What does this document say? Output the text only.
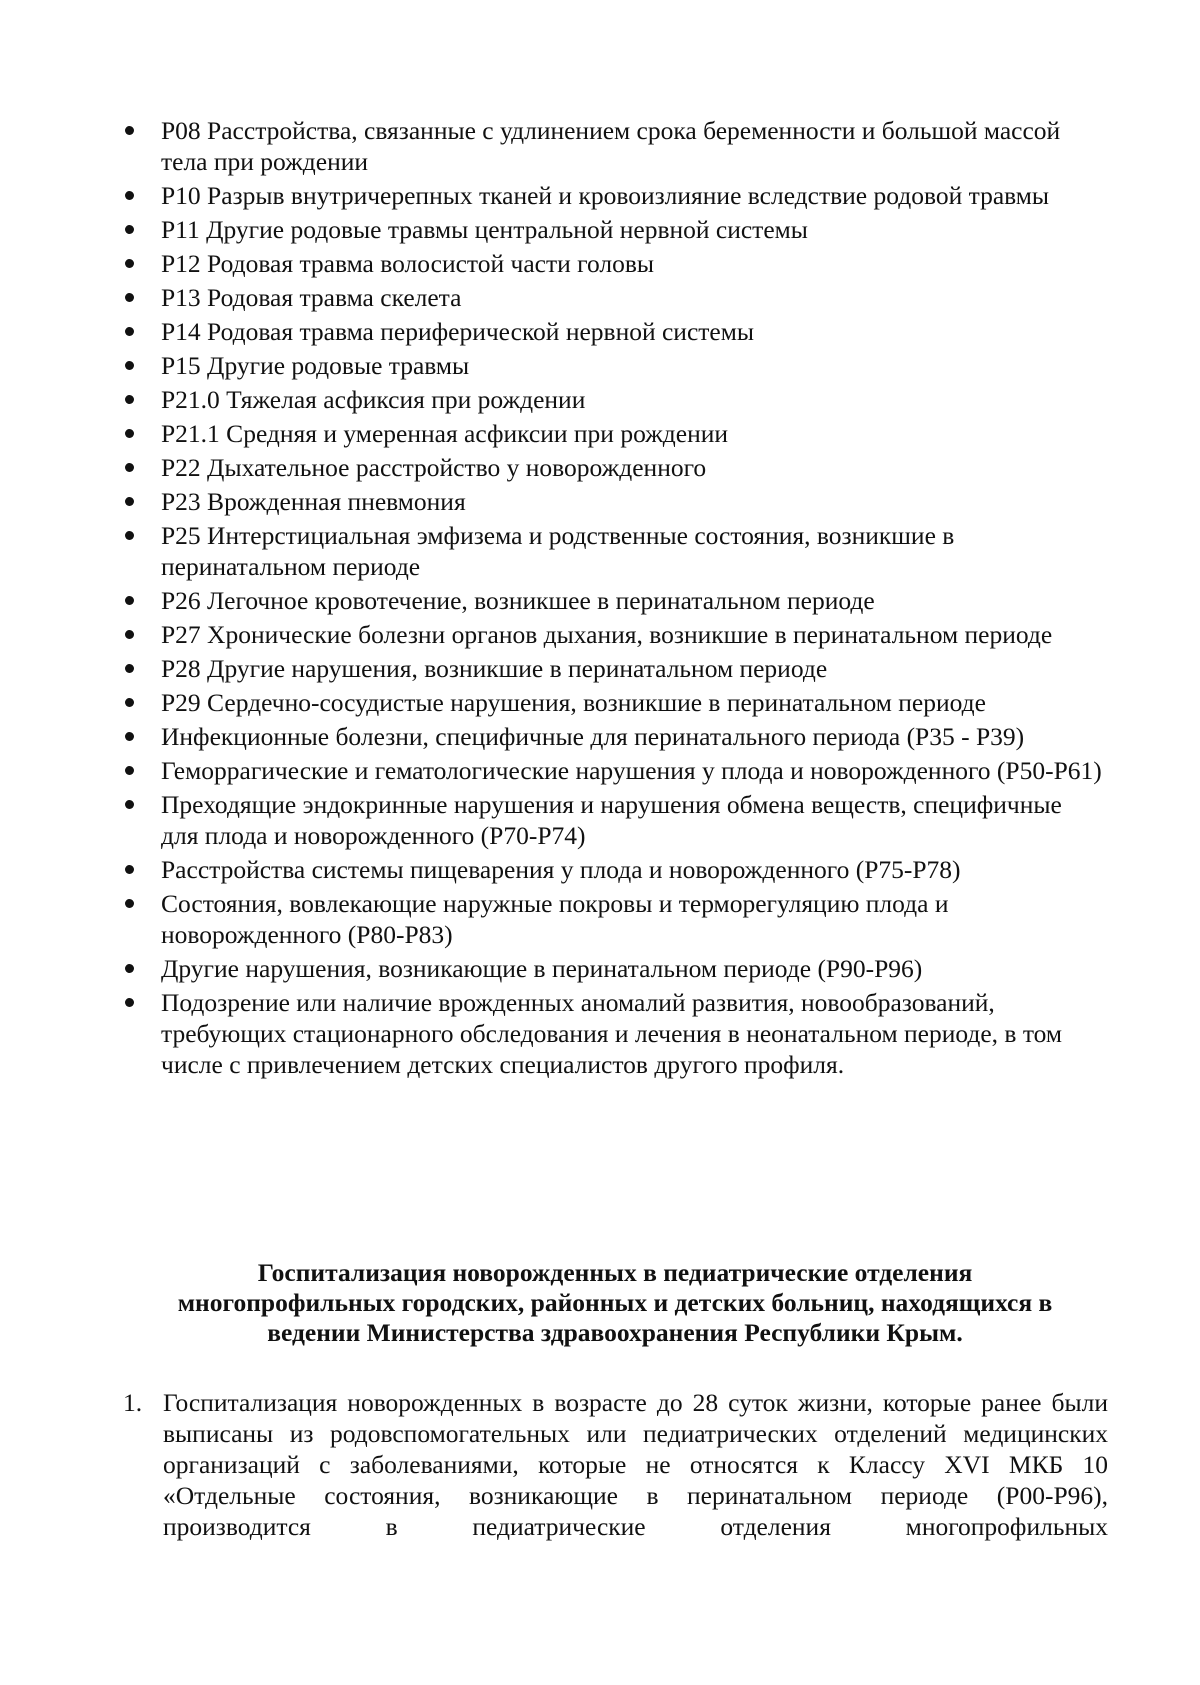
P08 Расстройства, связанные с удлинением срока беременности и большой массой тела при рождении
P10 Разрыв внутричерепных тканей и кровоизлияние вследствие родовой травмы
P11 Другие родовые травмы центральной нервной системы
P12 Родовая травма волосистой части головы
P13 Родовая травма скелета
P14 Родовая травма периферической нервной системы
P15 Другие родовые травмы
P21.0 Тяжелая асфиксия при рождении
P21.1 Средняя и умеренная асфиксии при рождении
P22 Дыхательное расстройство у новорожденного
P23 Врожденная пневмония
P25 Интерстициальная эмфизема и родственные состояния, возникшие в перинатальном периоде
P26 Легочное кровотечение, возникшее в перинатальном периоде
P27 Хронические болезни органов дыхания, возникшие в перинатальном периоде
P28 Другие нарушения, возникшие в перинатальном периоде
P29 Сердечно-сосудистые нарушения, возникшие в перинатальном периоде
Инфекционные болезни, специфичные для перинатального периода (P35 - P39)
Геморрагические и гематологические нарушения у плода и новорожденного (P50-P61)
Преходящие эндокринные нарушения и нарушения обмена веществ, специфичные для плода и новорожденного (P70-P74)
Расстройства системы пищеварения у плода и новорожденного (P75-P78)
Состояния, вовлекающие наружные покровы и терморегуляцию плода и новорожденного (P80-P83)
Другие нарушения, возникающие в перинатальном периоде (P90-P96)
Подозрение или наличие врожденных аномалий развития, новообразований, требующих стационарного обследования и лечения в неонатальном периоде, в том числе с привлечением детских специалистов другого профиля.
Госпитализация новорожденных в педиатрические отделения многопрофильных городских, районных и детских больниц, находящихся в ведении Министерства здравоохранения Республики Крым.
1. Госпитализация новорожденных в возрасте до 28 суток жизни, которые ранее были выписаны из родовспомогательных или педиатрических отделений медицинских организаций с заболеваниями, которые не относятся к Классу XVI МКБ 10 «Отдельные состояния, возникающие в перинатальном периоде (P00-P96), производится в педиатрические отделения многопрофильных
